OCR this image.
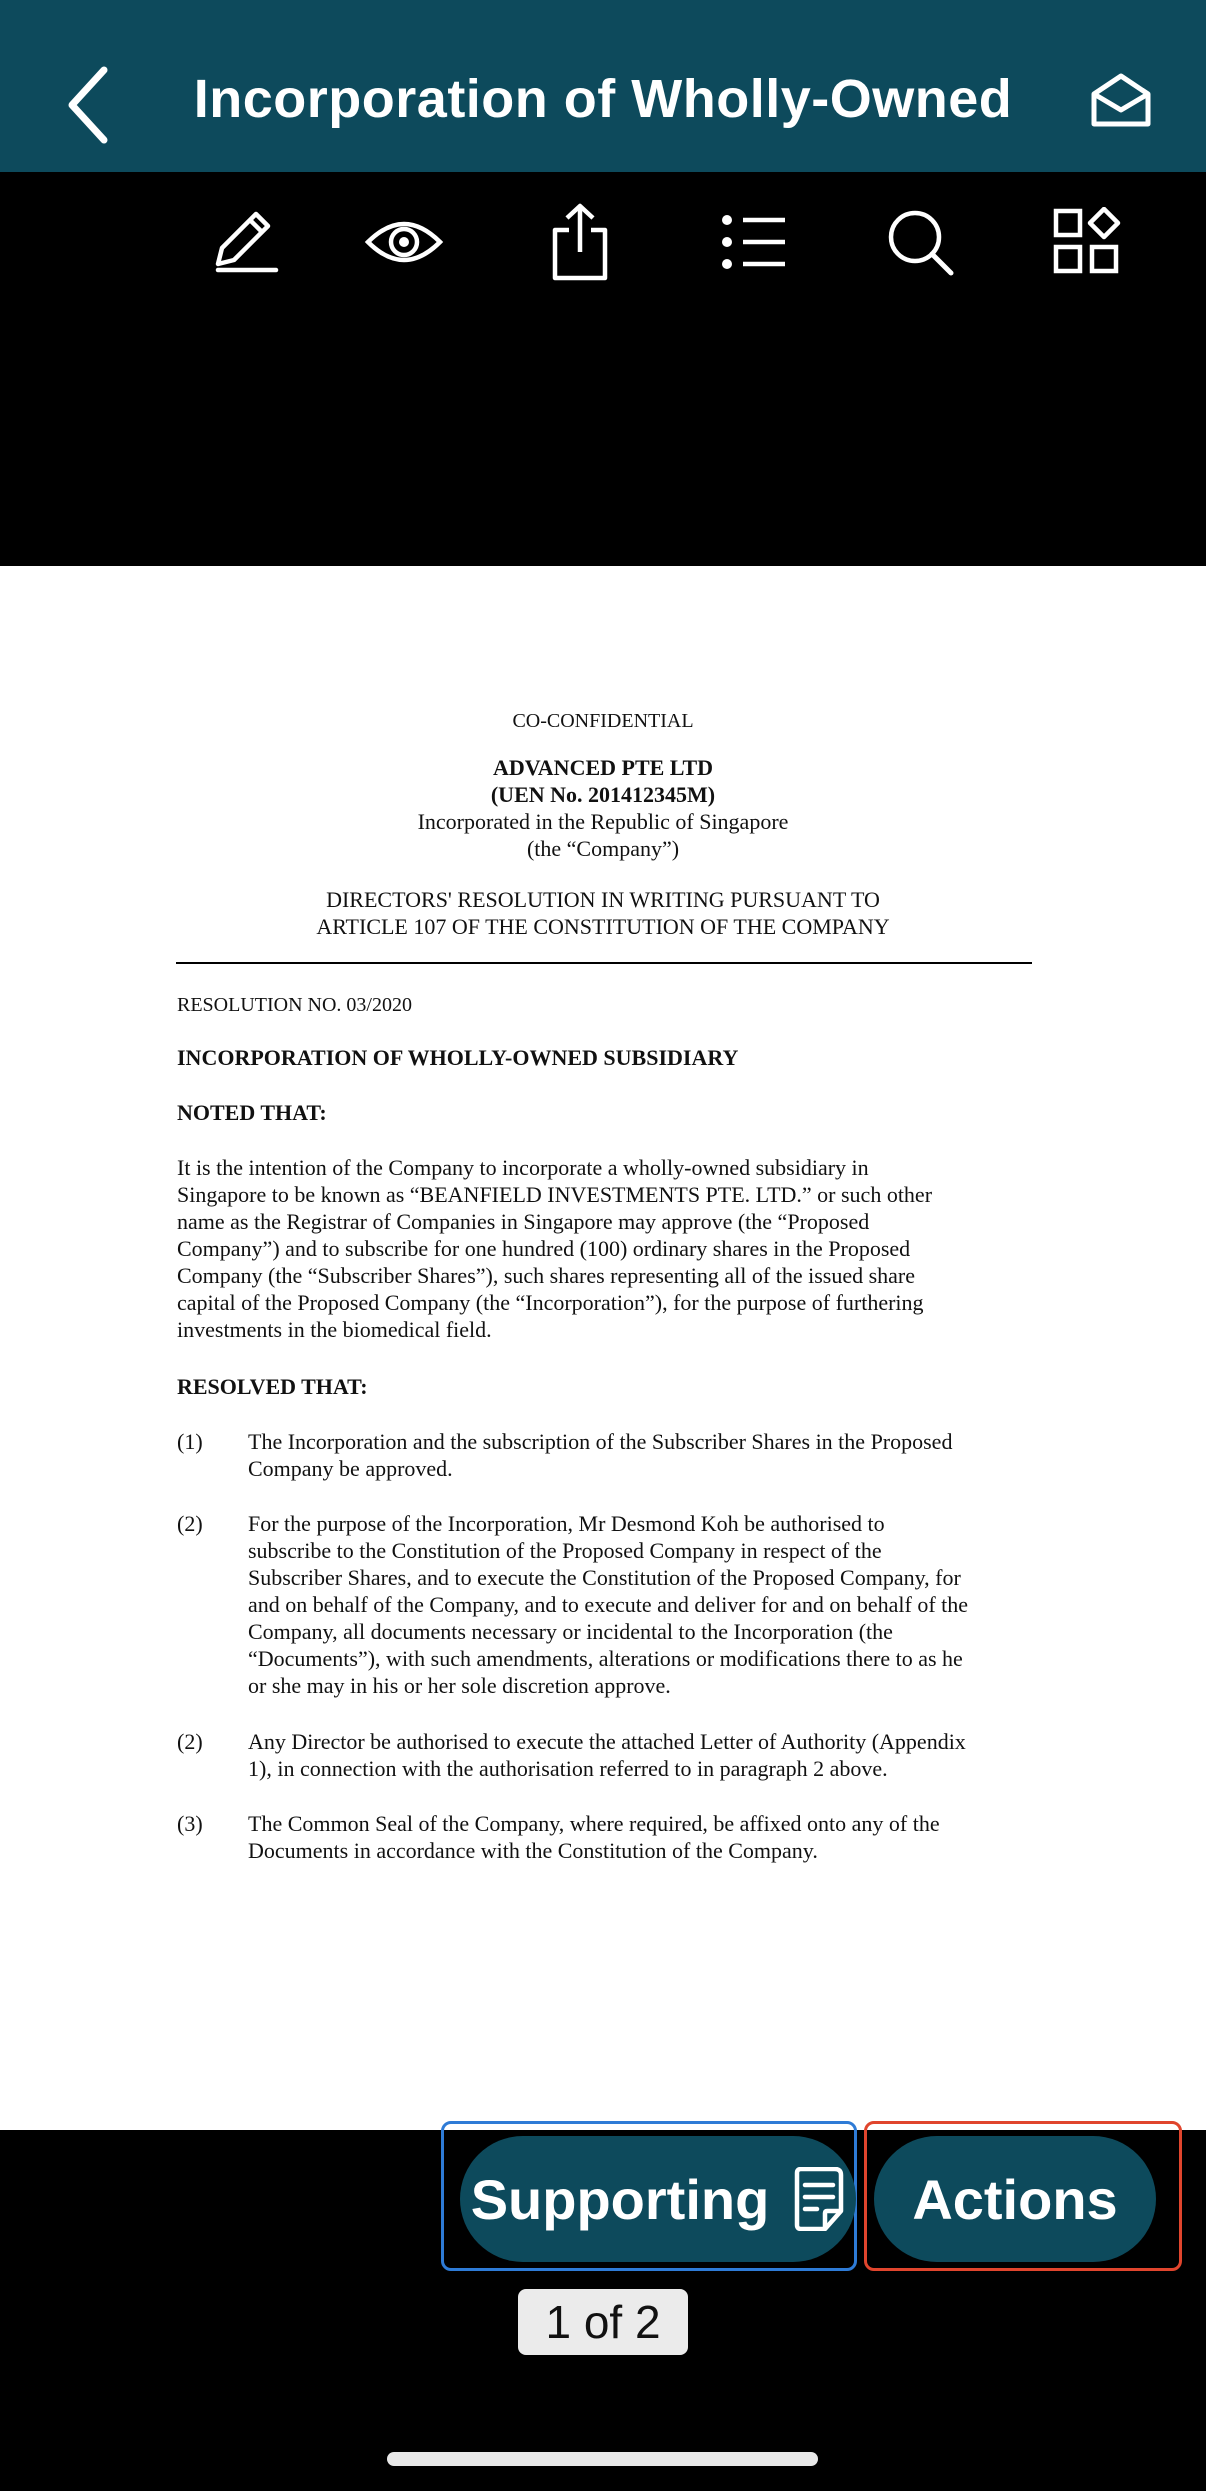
Incorporation of Wholly-Owned
CO-CONFIDENTIAL
ADVANCED PTE LTD
(UEN No. 201412345M)
Incorporated in the Republic of Singapore
(the “Company”)
DIRECTORS' RESOLUTION IN WRITING PURSUANT TO
ARTICLE 107 OF THE CONSTITUTION OF THE COMPANY
RESOLUTION NO. 03/2020
INCORPORATION OF WHOLLY-OWNED SUBSIDIARY
NOTED THAT:
It is the intention of the Company to incorporate a wholly-owned subsidiary in
Singapore to be known as “BEANFIELD INVESTMENTS PTE. LTD.” or such other
name as the Registrar of Companies in Singapore may approve (the “Proposed
Company”) and to subscribe for one hundred (100) ordinary shares in the Proposed
Company (the “Subscriber Shares”), such shares representing all of the issued share
capital of the Proposed Company (the “Incorporation”), for the purpose of furthering
investments in the biomedical field.
RESOLVED THAT:
(1) The Incorporation and the subscription of the Subscriber Shares in the Proposed
Company be approved.
(2) For the purpose of the Incorporation, Mr Desmond Koh be authorised to
subscribe to the Constitution of the Proposed Company in respect of the
Subscriber Shares, and to execute the Constitution of the Proposed Company, for
and on behalf of the Company, and to execute and deliver for and on behalf of the
Company, all documents necessary or incidental to the Incorporation (the
“Documents”), with such amendments, alterations or modifications there to as he
or she may in his or her sole discretion approve.
(2) Any Director be authorised to execute the attached Letter of Authority (Appendix
1), in connection with the authorisation referred to in paragraph 2 above.
(3) The Common Seal of the Company, where required, be affixed onto any of the
Documents in accordance with the Constitution of the Company.
Supporting	Actions
1 of 2
